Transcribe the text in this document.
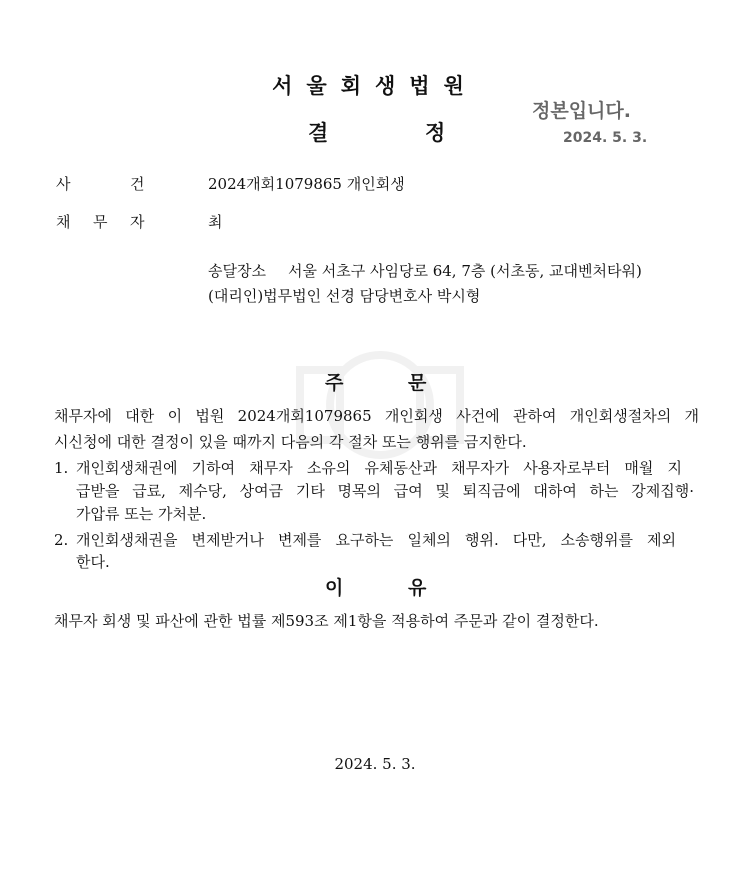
서울회생법원
결	정
정본입니다.
2024. 5. 3.
사	건	2024개회1079865 개인회생
채 무 자	최
송달장소 서울 서초구 사임당로 64, 7층 (서초동, 교대벤처타워)
(대리인)법무법인 선경 담당변호사 박시형
주	문
채무자에 대한 이 법원 2024개회1079865 개인회생 사건에 관하여 개인회생절차의 개
시신청에 대한 결정이 있을 때까지 다음의 각 절차 또는 행위를 금지한다.
1. 개인회생채권에 기하여 채무자 소유의 유체동산과 채무자가 사용자로부터 매월 지
급받을 급료, 제수당, 상여금 기타 명목의 급여 및 퇴직금에 대하여 하는 강제집행·
가압류 또는 가처분.
2. 개인회생채권을 변제받거나 변제를 요구하는 일체의 행위. 다만, 소송행위를 제외
한다.
이	유
채무자 회생 및 파산에 관한 법률 제593조 제1항을 적용하여 주문과 같이 결정한다.
2024. 5. 3.
